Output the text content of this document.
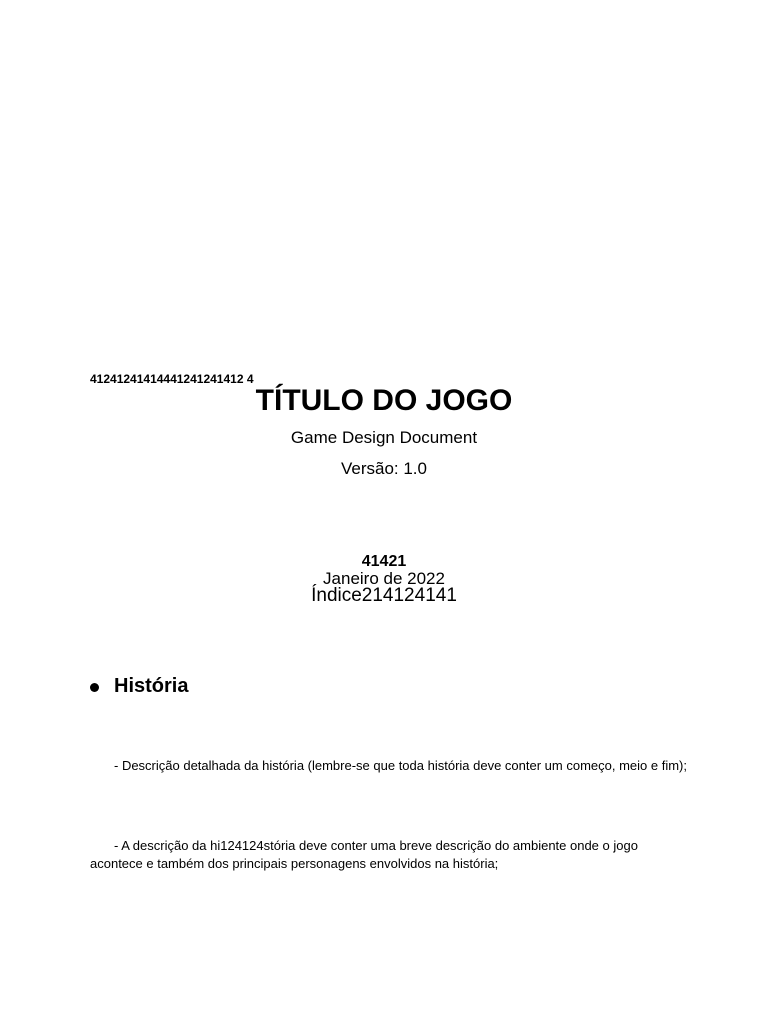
41241241414441241241412 4
TÍTULO DO JOGO
Game Design Document
Versão: 1.0
41421
Janeiro de 2022
Índice214124141
História

- Descrição detalhada da história (lembre-se que toda história deve conter um começo, meio e fim);

- A descrição da hi124124stória deve conter uma breve descrição do ambiente onde o jogo acontece e também dos principais personagens envolvidos na história;
